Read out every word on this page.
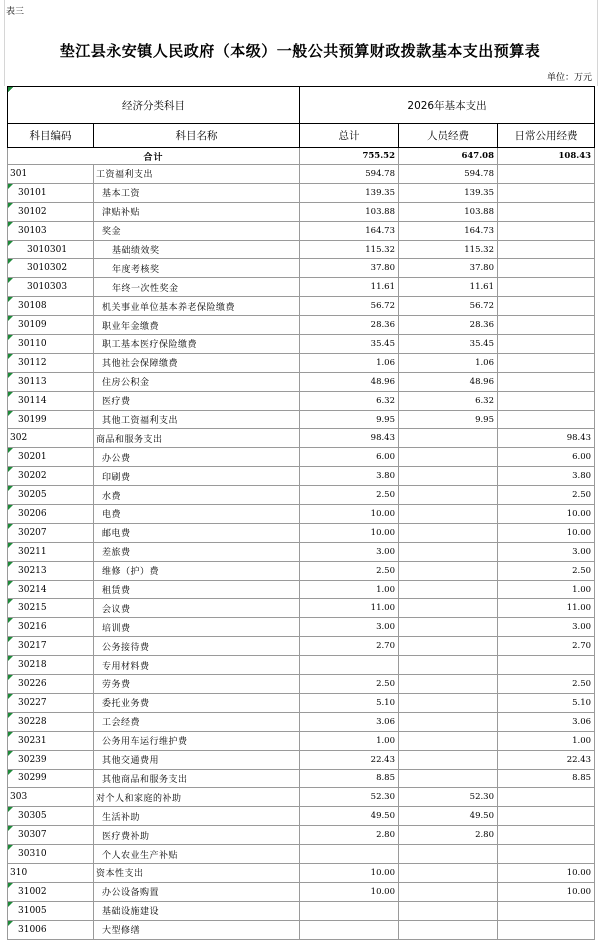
表三
垫江县永安镇人民政府（本级）一般公共预算财政拨款基本支出预算表
单位：万元
经济分类科目		2026年基本支出		
科目编码	科目名称	总计	人员经费	日常公用经费
合计		755.52	647.08	108.43
301	工资福利支出	594.78	594.78	
30101	基本工资	139.35	139.35	
30102	津贴补贴	103.88	103.88	
30103	奖金	164.73	164.73	
3010301	基础绩效奖	115.32	115.32	
3010302	年度考核奖	37.80	37.80	
3010303	年终一次性奖金	11.61	11.61	
30108	机关事业单位基本养老保险缴费	56.72	56.72	
30109	职业年金缴费	28.36	28.36	
30110	职工基本医疗保险缴费	35.45	35.45	
30112	其他社会保障缴费	1.06	1.06	
30113	住房公积金	48.96	48.96	
30114	医疗费	6.32	6.32	
30199	其他工资福利支出	9.95	9.95	
302	商品和服务支出	98.43		98.43
30201	办公费	6.00		6.00
30202	印刷费	3.80		3.80
30205	水费	2.50		2.50
30206	电费	10.00		10.00
30207	邮电费	10.00		10.00
30211	差旅费	3.00		3.00
30213	维修（护）费	2.50		2.50
30214	租赁费	1.00		1.00
30215	会议费	11.00		11.00
30216	培训费	3.00		3.00
30217	公务接待费	2.70		2.70
30218	专用材料费

30226	劳务费	2.50		2.50
30227	委托业务费	5.10		5.10
30228	工会经费	3.06		3.06
30231	公务用车运行维护费	1.00		1.00
30239	其他交通费用	22.43		22.43
30299	其他商品和服务支出	8.85		8.85
303	对个人和家庭的补助	52.30	52.30	
30305	生活补助	49.50	49.50	
30307	医疗费补助	2.80	2.80	
30310	个人农业生产补贴

310	资本性支出	10.00		10.00
31002	办公设备购置	10.00		10.00
31005	基础设施建设

31006	大型修缮
